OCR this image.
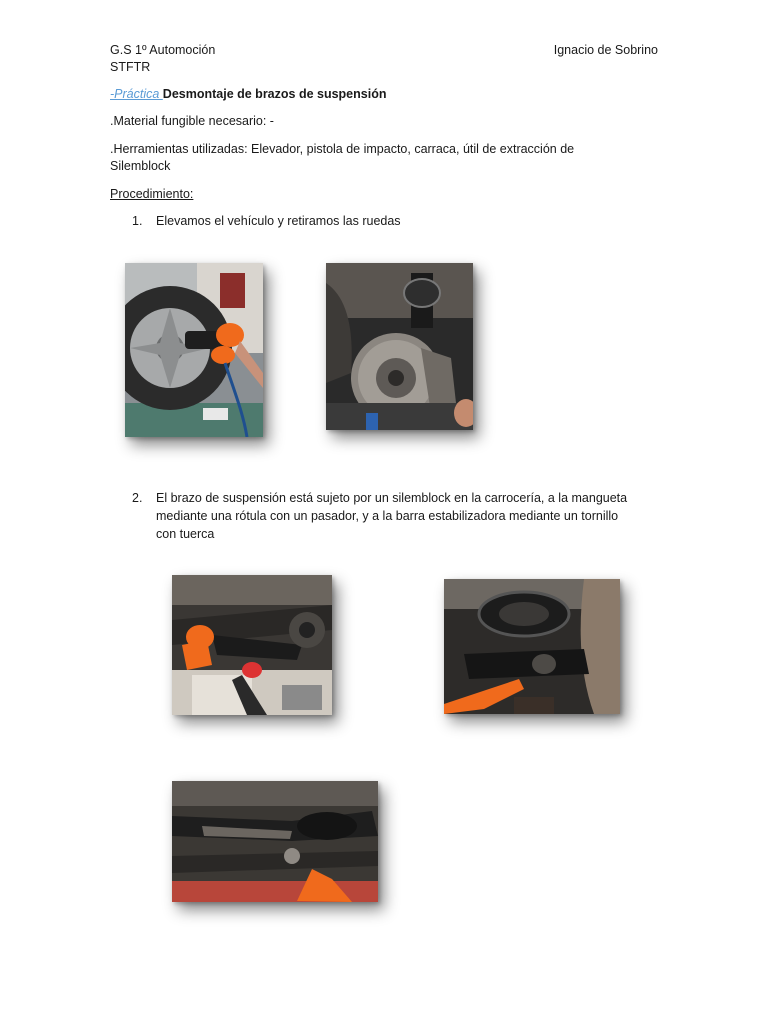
G.S 1º Automoción
STFTR
Ignacio de Sobrino
-Práctica Desmontaje de brazos de suspensión
.Material fungible necesario: -
.Herramientas utilizadas: Elevador, pistola de impacto, carraca, útil de extracción de
Silemblock
Procedimiento:
1. Elevamos el vehículo y retiramos las ruedas
2. El brazo de suspensión está sujeto por un silemblock en la carrocería, a la mangueta
mediante una rótula con un pasador, y a la barra estabilizadora mediante un tornillo
con tuerca
